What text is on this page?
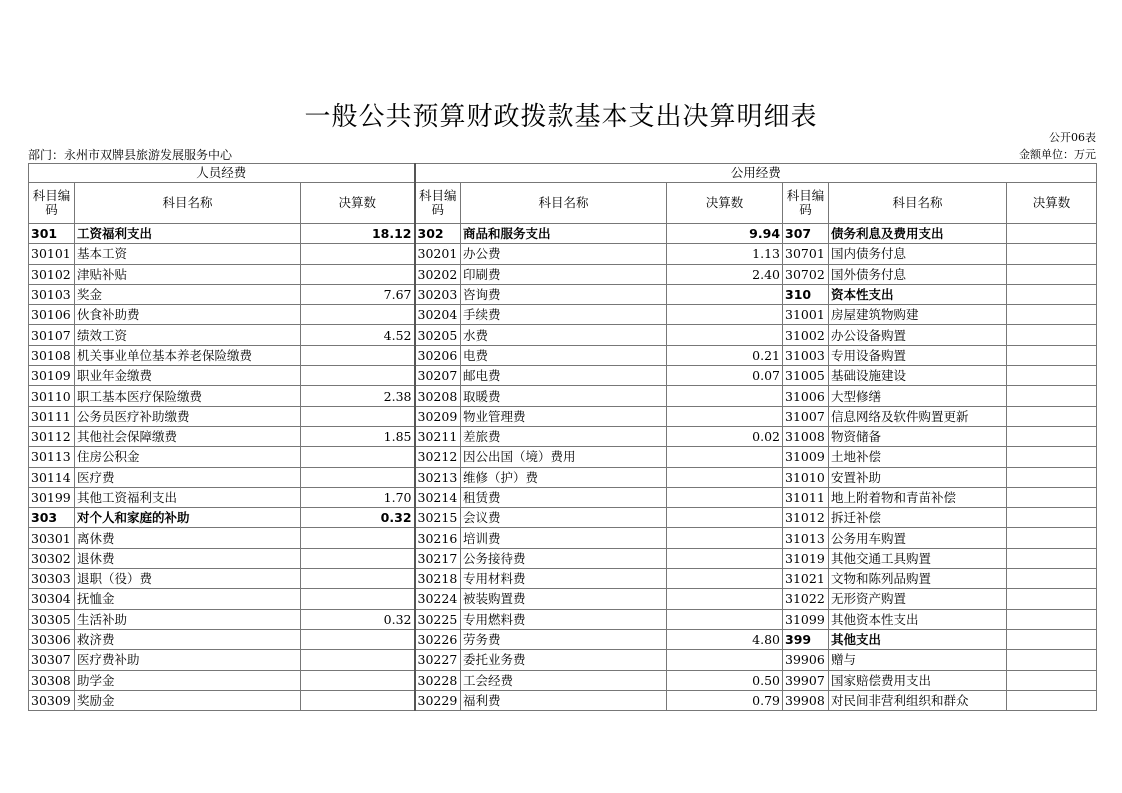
一般公共预算财政拨款基本支出决算明细表
公开06表
部门：永州市双牌县旅游发展服务中心	金额单位：万元
人员经费			公用经费					
科目编码	科目名称	决算数	科目编码	科目名称	决算数	科目编码	科目名称	决算数
301	工资福利支出	18.12	302	商品和服务支出	9.94	307	债务利息及费用支出	
30101	基本工资		30201	办公费	1.13	30701	国内债务付息	
30102	津贴补贴		30202	印刷费	2.40	30702	国外债务付息	
30103	奖金	7.67	30203	咨询费		310	资本性支出	
30106	伙食补助费		30204	手续费		31001	房屋建筑物购建	
30107	绩效工资	4.52	30205	水费		31002	办公设备购置	
30108	机关事业单位基本养老保险缴费		30206	电费	0.21	31003	专用设备购置	
30109	职业年金缴费		30207	邮电费	0.07	31005	基础设施建设	
30110	职工基本医疗保险缴费	2.38	30208	取暖费		31006	大型修缮	
30111	公务员医疗补助缴费		30209	物业管理费		31007	信息网络及软件购置更新	
30112	其他社会保障缴费	1.85	30211	差旅费	0.02	31008	物资储备	
30113	住房公积金		30212	因公出国（境）费用		31009	土地补偿	
30114	医疗费		30213	维修（护）费		31010	安置补助	
30199	其他工资福利支出	1.70	30214	租赁费		31011	地上附着物和青苗补偿	
303	对个人和家庭的补助	0.32	30215	会议费		31012	拆迁补偿	
30301	离休费		30216	培训费		31013	公务用车购置	
30302	退休费		30217	公务接待费		31019	其他交通工具购置	
30303	退职（役）费		30218	专用材料费		31021	文物和陈列品购置	
30304	抚恤金		30224	被装购置费		31022	无形资产购置	
30305	生活补助	0.32	30225	专用燃料费		31099	其他资本性支出	
30306	救济费		30226	劳务费	4.80	399	其他支出	
30307	医疗费补助		30227	委托业务费		39906	赠与	
30308	助学金		30228	工会经费	0.50	39907	国家赔偿费用支出	
30309	奖励金		30229	福利费	0.79	39908	对民间非营利组织和群众	
